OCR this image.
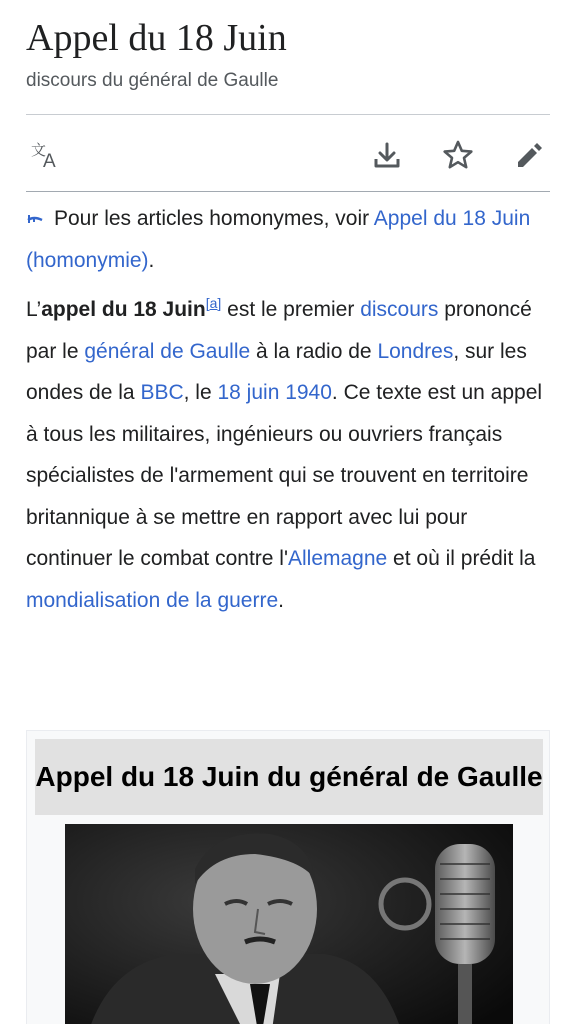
Appel du 18 Juin
discours du général de Gaulle
文
A
Pour les articles homonymes, voir Appel du 18 Juin (homonymie).

L’appel du 18 Juin[a] est le premier discours prononcé par le général de Gaulle à la radio de Londres, sur les ondes de la BBC, le 18 juin 1940. Ce texte est un appel à tous les militaires, ingénieurs ou ouvriers français spécialistes de l'armement qui se trouvent en territoire britannique à se mettre en rapport avec lui pour continuer le combat contre l'Allemagne et où il prédit la mondialisation de la guerre.

Appel du 18 Juin du général de Gaulle
